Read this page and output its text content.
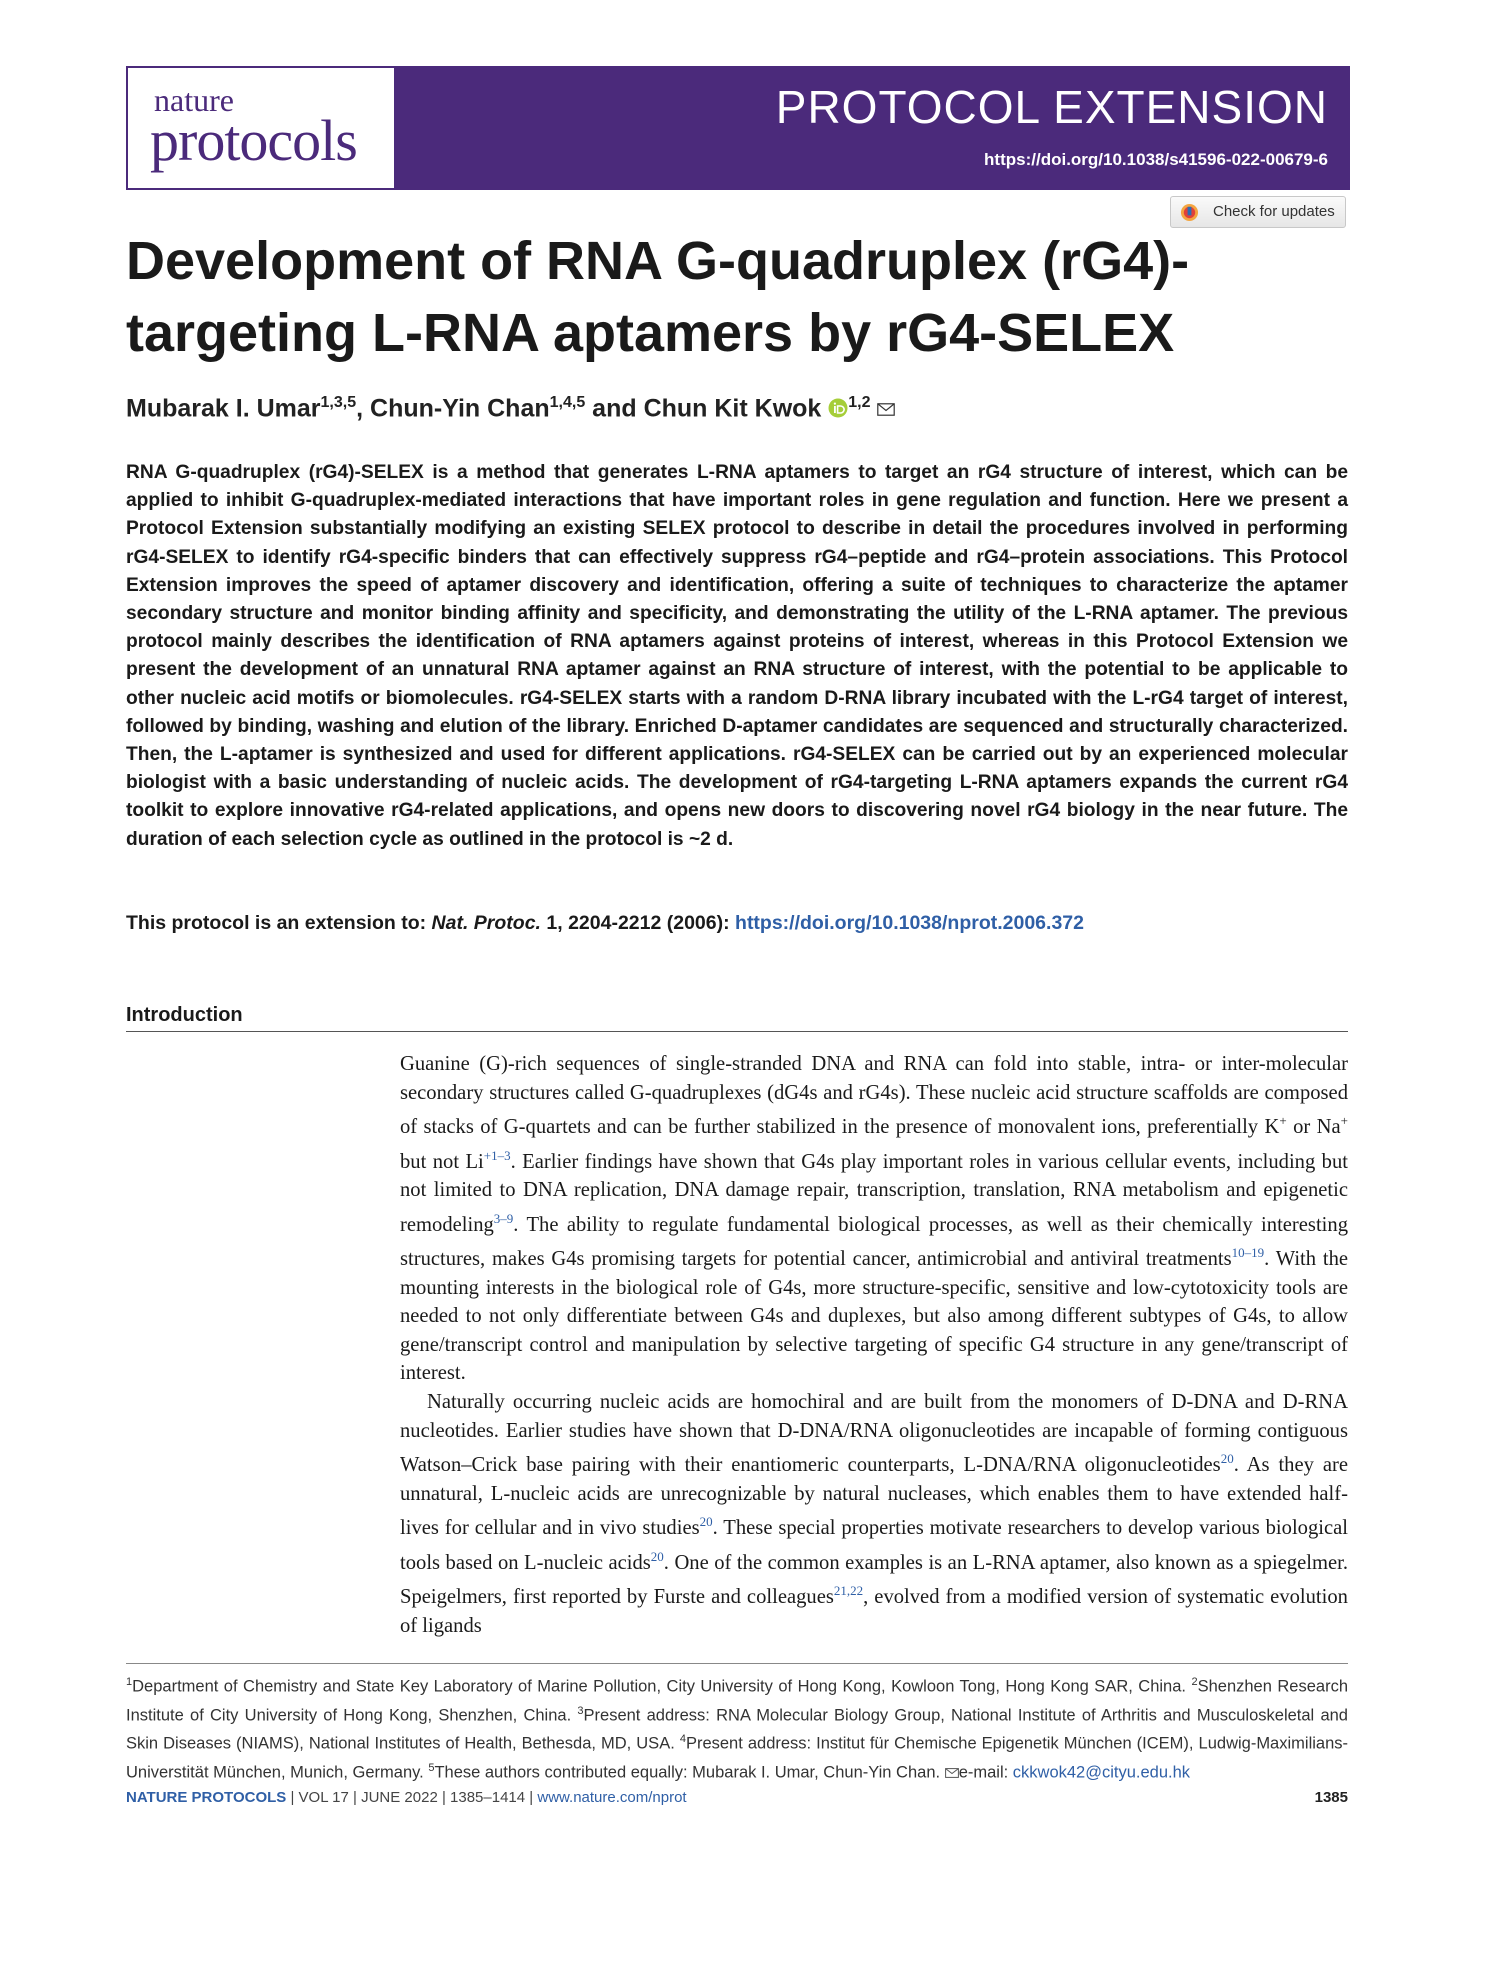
nature
protocols
PROTOCOL EXTENSION
https://doi.org/10.1038/s41596-022-00679-6
Check for updates
Development of RNA G-quadruplex (rG4)-targeting L-RNA aptamers by rG4-SELEX
Mubarak I. Umar$^{1,3,5}$, Chun-Yin Chan$^{1,4,5}$ and Chun Kit Kwok $^{1,2}$

RNA G-quadruplex (rG4)-SELEX is a method that generates L-RNA aptamers to target an rG4 structure of interest, which can be applied to inhibit G-quadruplex-mediated interactions that have important roles in gene regulation and function. Here we present a Protocol Extension substantially modifying an existing SELEX protocol to describe in detail the procedures involved in performing rG4-SELEX to identify rG4-specific binders that can effectively suppress rG4–peptide and rG4–protein associations. This Protocol Extension improves the speed of aptamer discovery and identification, offering a suite of techniques to characterize the aptamer secondary structure and monitor binding affinity and specificity, and demonstrating the utility of the L-RNA aptamer. The previous protocol mainly describes the identification of RNA aptamers against proteins of interest, whereas in this Protocol Extension we present the development of an unnatural RNA aptamer against an RNA structure of interest, with the potential to be applicable to other nucleic acid motifs or biomolecules. rG4-SELEX starts with a random D-RNA library incubated with the L-rG4 target of interest, followed by binding, washing and elution of the library. Enriched D-aptamer candidates are sequenced and structurally characterized. Then, the L-aptamer is synthesized and used for different applications. rG4-SELEX can be carried out by an experienced molecular biologist with a basic understanding of nucleic acids. The development of rG4-targeting L-RNA aptamers expands the current rG4 toolkit to explore innovative rG4-related applications, and opens new doors to discovering novel rG4 biology in the near future. The duration of each selection cycle as outlined in the protocol is ~2 d.

This protocol is an extension to: Nat. Protoc. 1, 2204-2212 (2006): https://doi.org/10.1038/nprot.2006.372
Introduction

Guanine (G)-rich sequences of single-stranded DNA and RNA can fold into stable, intra- or inter-molecular secondary structures called G-quadruplexes (dG4s and rG4s). These nucleic acid structure scaffolds are composed of stacks of G-quartets and can be further stabilized in the presence of monovalent ions, preferentially K+ or Na+ but not $Li^{+1-3}$. Earlier findings have shown that G4s play important roles in various cellular events, including but not limited to DNA replication, DNA damage repair, transcription, translation, RNA metabolism and epigenetic remodeling$^{3-9}$. The ability to regulate fundamental biological processes, as well as their chemically interesting structures, makes G4s promising targets for potential cancer, antimicrobial and antiviral treatments$^{10-19}$. With the mounting interests in the biological role of G4s, more structure-specific, sensitive and low-cytotoxicity tools are needed to not only differentiate between G4s and duplexes, but also among different subtypes of G4s, to allow gene/transcript control and manipulation by selective targeting of specific G4 structure in any gene/transcript of interest.

Naturally occurring nucleic acids are homochiral and are built from the monomers of D-DNA and D-RNA nucleotides. Earlier studies have shown that D-DNA/RNA oligonucleotides are incapable of forming contiguous Watson–Crick base pairing with their enantiomeric counterparts, L-DNA/RNA oligonucleotides$^{20}$. As they are unnatural, L-nucleic acids are unrecognizable by natural nucleases, which enables them to have extended half-lives for cellular and in vivo studies$^{20}$. These special properties motivate researchers to develop various biological tools based on L-nucleic acids$^{20}$. One of the common examples is an L-RNA aptamer, also known as a spiegelmer. Speigelmers, first reported by Furste and colleagues$^{21,22}$, evolved from a modified version of systematic evolution of ligands

$^1$Department of Chemistry and State Key Laboratory of Marine Pollution, City University of Hong Kong, Kowloon Tong, Hong Kong SAR, China. $^2$Shenzhen Research Institute of City University of Hong Kong, Shenzhen, China. $^3$Present address: RNA Molecular Biology Group, National Institute of Arthritis and Musculoskeletal and Skin Diseases (NIAMS), National Institutes of Health, Bethesda, MD, USA. $^4$Present address: Institut für Chemische Epigenetik München (ICEM), Ludwig-Maximilians-Universtität München, Munich, Germany. $^5$These authors contributed equally: Mubarak I. Umar, Chun-Yin Chan. e-mail: ckkwok42@cityu.edu.hk
NATURE PROTOCOLS | VOL 17 | JUNE 2022 | 1385–1414 | www.nature.com/nprot	1385
